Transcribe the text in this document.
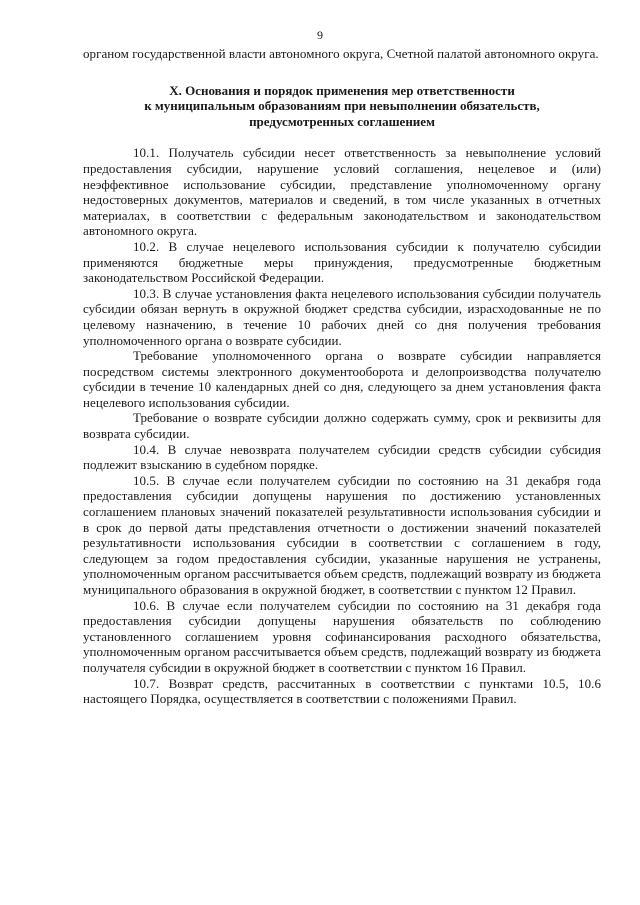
9

органом государственной власти автономного округа, Счетной палатой автономного округа.

X. Основания и порядок применения мер ответственности
к муниципальным образованиям при невыполнении обязательств,
предусмотренных соглашением

10.1. Получатель субсидии несет ответственность за невыполнение условий предоставления субсидии, нарушение условий соглашения, нецелевое и (или) неэффективное использование субсидии, представление уполномоченному органу недостоверных документов, материалов и сведений, в том числе указанных в отчетных материалах, в соответствии с федеральным законодательством и законодательством автономного округа.

10.2. В случае нецелевого использования субсидии к получателю субсидии применяются бюджетные меры принуждения, предусмотренные бюджетным законодательством Российской Федерации.

10.3. В случае установления факта нецелевого использования субсидии получатель субсидии обязан вернуть в окружной бюджет средства субсидии, израсходованные не по целевому назначению, в течение 10 рабочих дней со дня получения требования уполномоченного органа о возврате субсидии.

Требование уполномоченного органа о возврате субсидии направляется посредством системы электронного документооборота и делопроизводства получателю субсидии в течение 10 календарных дней со дня, следующего за днем установления факта нецелевого использования субсидии.

Требование о возврате субсидии должно содержать сумму, срок и реквизиты для возврата субсидии.

10.4. В случае невозврата получателем субсидии средств субсидии субсидия подлежит взысканию в судебном порядке.

10.5. В случае если получателем субсидии по состоянию на 31 декабря года предоставления субсидии допущены нарушения по достижению установленных соглашением плановых значений показателей результативности использования субсидии и в срок до первой даты представления отчетности о достижении значений показателей результативности использования субсидии в соответствии с соглашением в году, следующем за годом предоставления субсидии, указанные нарушения не устранены, уполномоченным органом рассчитывается объем средств, подлежащий возврату из бюджета муниципального образования в окружной бюджет, в соответствии с пунктом 12 Правил.

10.6. В случае если получателем субсидии по состоянию на 31 декабря года предоставления субсидии допущены нарушения обязательств по соблюдению установленного соглашением уровня софинансирования расходного обязательства, уполномоченным органом рассчитывается объем средств, подлежащий возврату из бюджета получателя субсидии в окружной бюджет в соответствии с пунктом 16 Правил.

10.7. Возврат средств, рассчитанных в соответствии с пунктами 10.5, 10.6 настоящего Порядка, осуществляется в соответствии с положениями Правил.
